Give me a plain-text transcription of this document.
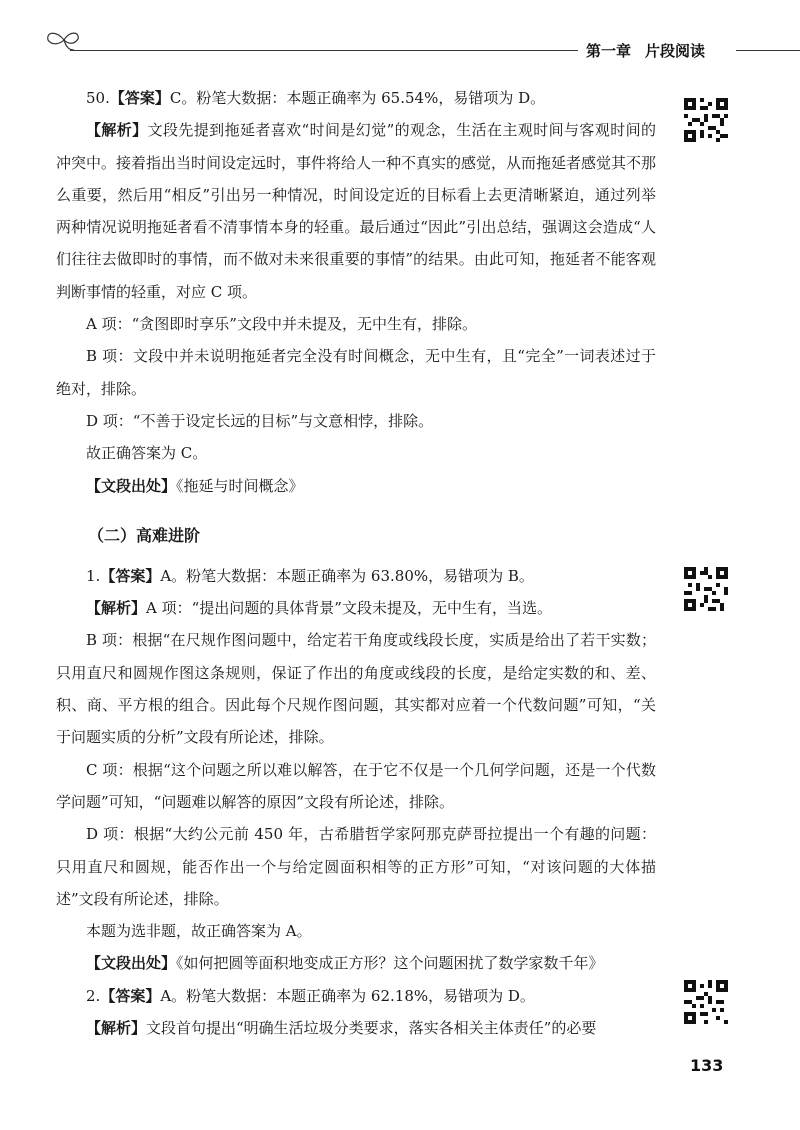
第一章 片段阅读

50.【答案】C。粉笔大数据：本题正确率为 65.54%，易错项为 D。

【解析】文段先提到拖延者喜欢“时间是幻觉”的观念，生活在主观时间与客观时间的冲突中。接着指出当时间设定远时，事件将给人一种不真实的感觉，从而拖延者感觉其不那么重要，然后用“相反”引出另一种情况，时间设定近的目标看上去更清晰紧迫，通过列举两种情况说明拖延者看不清事情本身的轻重。最后通过“因此”引出总结，强调这会造成“人们往往去做即时的事情，而不做对未来很重要的事情”的结果。由此可知，拖延者不能客观判断事情的轻重，对应 C 项。

A 项：“贪图即时享乐”文段中并未提及，无中生有，排除。

B 项：文段中并未说明拖延者完全没有时间概念，无中生有，且“完全”一词表述过于绝对，排除。

D 项：“不善于设定长远的目标”与文意相悖，排除。

故正确答案为 C。

【文段出处】《拖延与时间概念》

（二）高难进阶

1.【答案】A。粉笔大数据：本题正确率为 63.80%，易错项为 B。

【解析】A 项：“提出问题的具体背景”文段未提及，无中生有，当选。

B 项：根据“在尺规作图问题中，给定若干角度或线段长度，实质是给出了若干实数；只用直尺和圆规作图这条规则，保证了作出的角度或线段的长度，是给定实数的和、差、积、商、平方根的组合。因此每个尺规作图问题，其实都对应着一个代数问题”可知，“关于问题实质的分析”文段有所论述，排除。

C 项：根据“这个问题之所以难以解答，在于它不仅是一个几何学问题，还是一个代数学问题”可知，“问题难以解答的原因”文段有所论述，排除。

D 项：根据“大约公元前 450 年，古希腊哲学家阿那克萨哥拉提出一个有趣的问题：只用直尺和圆规，能否作出一个与给定圆面积相等的正方形”可知，“对该问题的大体描述”文段有所论述，排除。

本题为选非题，故正确答案为 A。

【文段出处】《如何把圆等面积地变成正方形？这个问题困扰了数学家数千年》

2.【答案】A。粉笔大数据：本题正确率为 62.18%，易错项为 D。

【解析】文段首句提出“明确生活垃圾分类要求，落实各相关主体责任”的必要

133
